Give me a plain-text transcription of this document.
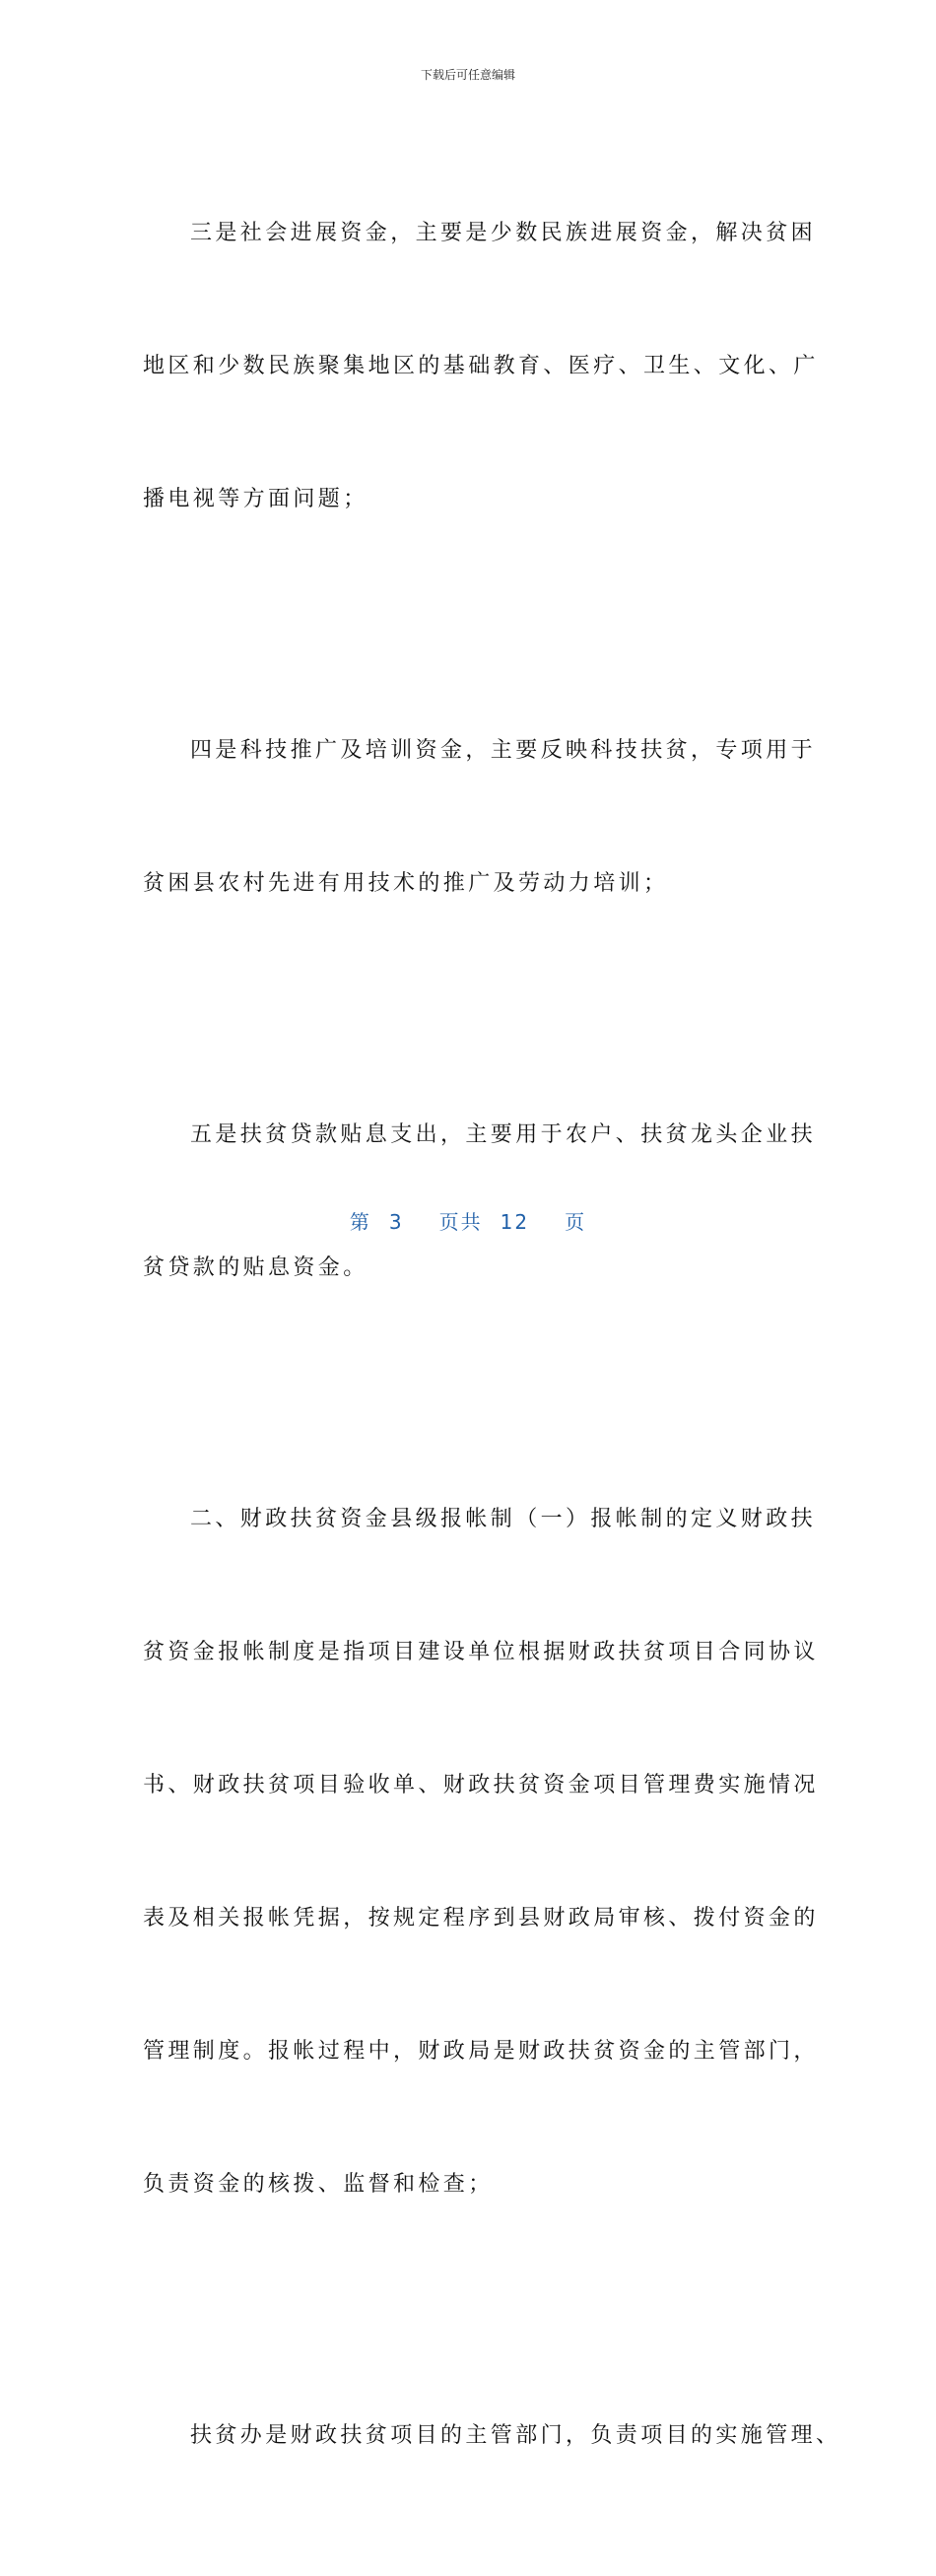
下载后可任意编辑

三是社会进展资金，主要是少数民族进展资金，解决贫困

地区和少数民族聚集地区的基础教育、医疗、卫生、文化、广

播电视等方面问题；

四是科技推广及培训资金，主要反映科技扶贫，专项用于

贫困县农村先进有用技术的推广及劳动力培训；

五是扶贫贷款贴息支出，主要用于农户、扶贫龙头企业扶

贫贷款的贴息资金。

二、财政扶贫资金县级报帐制（一）报帐制的定义财政扶

贫资金报帐制度是指项目建设单位根据财政扶贫项目合同协议

书、财政扶贫项目验收单、财政扶贫资金项目管理费实施情况

表及相关报帐凭据，按规定程序到县财政局审核、拨付资金的

管理制度。报帐过程中，财政局是财政扶贫资金的主管部门，

负责资金的核拨、监督和检查；

扶贫办是财政扶贫项目的主管部门，负责项目的实施管理、

第 3 页共 12 页
